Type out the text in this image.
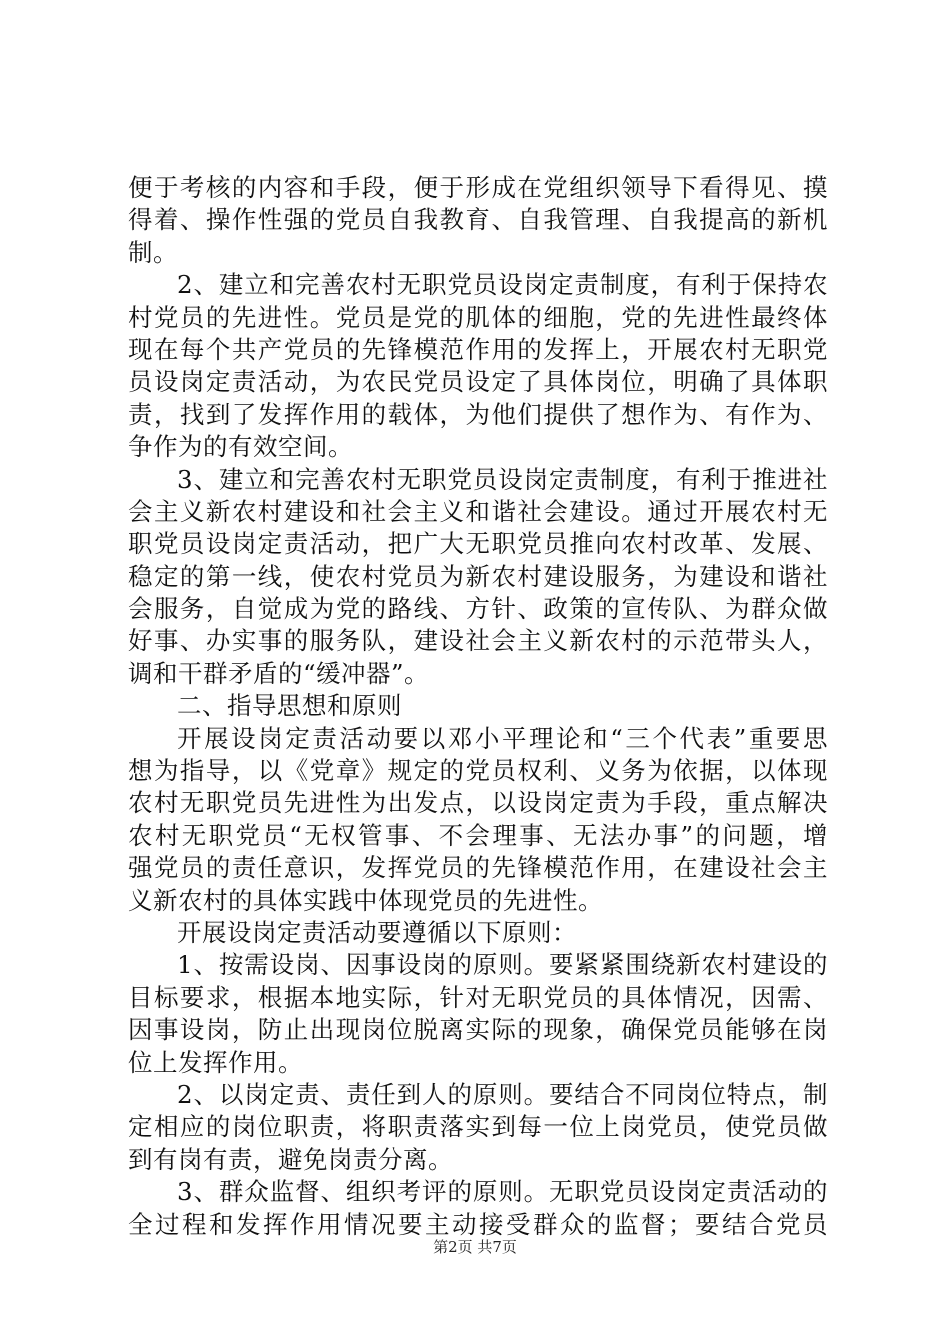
便于考核的内容和手段，便于形成在党组织领导下看得见、摸
得着、操作性强的党员自我教育、自我管理、自我提高的新机
制。
2、建立和完善农村无职党员设岗定责制度，有利于保持农
村党员的先进性。党员是党的肌体的细胞，党的先进性最终体
现在每个共产党员的先锋模范作用的发挥上，开展农村无职党
员设岗定责活动，为农民党员设定了具体岗位，明确了具体职
责，找到了发挥作用的载体，为他们提供了想作为、有作为、
争作为的有效空间。
3、建立和完善农村无职党员设岗定责制度，有利于推进社
会主义新农村建设和社会主义和谐社会建设。通过开展农村无
职党员设岗定责活动，把广大无职党员推向农村改革、发展、
稳定的第一线，使农村党员为新农村建设服务，为建设和谐社
会服务，自觉成为党的路线、方针、政策的宣传队、为群众做
好事、办实事的服务队，建设社会主义新农村的示范带头人，
调和干群矛盾的“缓冲器”。
二、指导思想和原则
开展设岗定责活动要以邓小平理论和“三个代表”重要思
想为指导，以《党章》规定的党员权利、义务为依据，以体现
农村无职党员先进性为出发点，以设岗定责为手段，重点解决
农村无职党员“无权管事、不会理事、无法办事”的问题，增
强党员的责任意识，发挥党员的先锋模范作用，在建设社会主
义新农村的具体实践中体现党员的先进性。
开展设岗定责活动要遵循以下原则：
1、按需设岗、因事设岗的原则。要紧紧围绕新农村建设的
目标要求，根据本地实际，针对无职党员的具体情况，因需、
因事设岗，防止出现岗位脱离实际的现象，确保党员能够在岗
位上发挥作用。
2、以岗定责、责任到人的原则。要结合不同岗位特点，制
定相应的岗位职责，将职责落实到每一位上岗党员，使党员做
到有岗有责，避免岗责分离。
3、群众监督、组织考评的原则。无职党员设岗定责活动的
全过程和发挥作用情况要主动接受群众的监督；要结合党员
第2页 共7页
